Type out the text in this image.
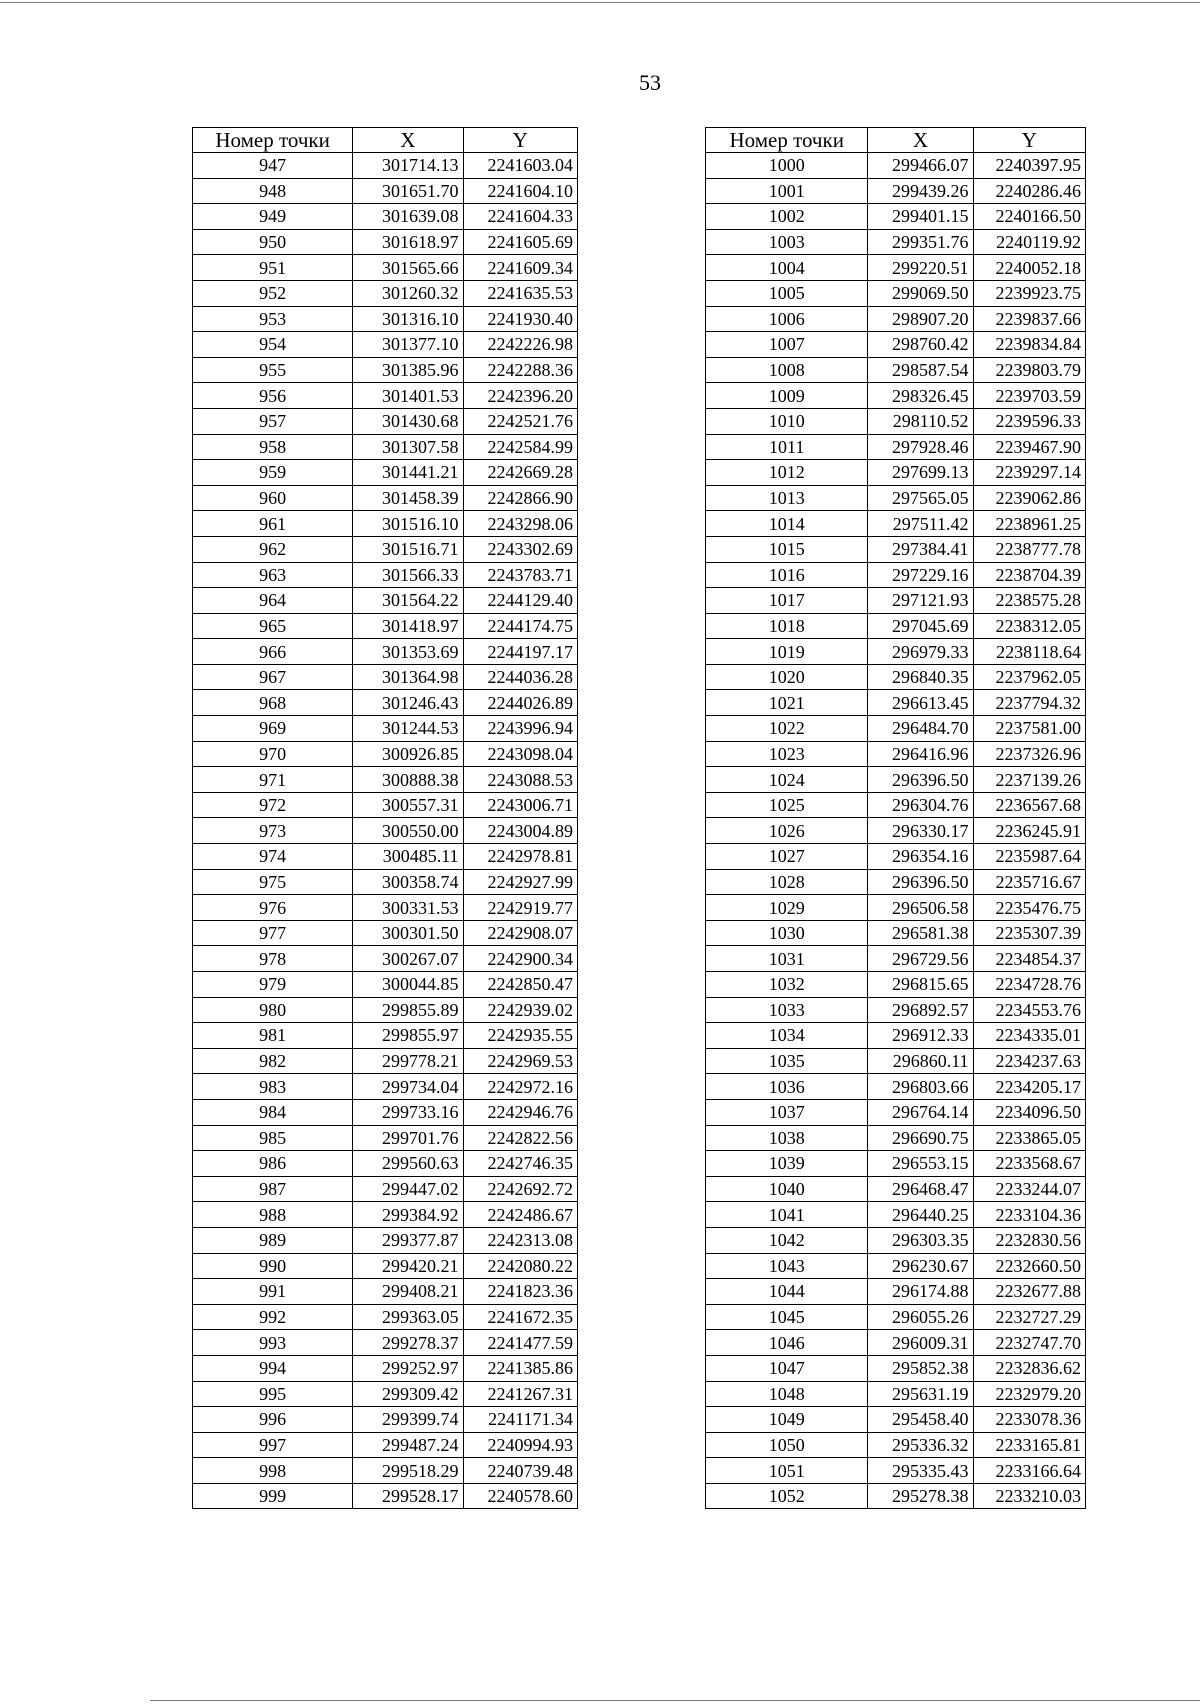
53
Номер точки	X	Y
947	301714.13	2241603.04
948	301651.70	2241604.10
949	301639.08	2241604.33
950	301618.97	2241605.69
951	301565.66	2241609.34
952	301260.32	2241635.53
953	301316.10	2241930.40
954	301377.10	2242226.98
955	301385.96	2242288.36
956	301401.53	2242396.20
957	301430.68	2242521.76
958	301307.58	2242584.99
959	301441.21	2242669.28
960	301458.39	2242866.90
961	301516.10	2243298.06
962	301516.71	2243302.69
963	301566.33	2243783.71
964	301564.22	2244129.40
965	301418.97	2244174.75
966	301353.69	2244197.17
967	301364.98	2244036.28
968	301246.43	2244026.89
969	301244.53	2243996.94
970	300926.85	2243098.04
971	300888.38	2243088.53
972	300557.31	2243006.71
973	300550.00	2243004.89
974	300485.11	2242978.81
975	300358.74	2242927.99
976	300331.53	2242919.77
977	300301.50	2242908.07
978	300267.07	2242900.34
979	300044.85	2242850.47
980	299855.89	2242939.02
981	299855.97	2242935.55
982	299778.21	2242969.53
983	299734.04	2242972.16
984	299733.16	2242946.76
985	299701.76	2242822.56
986	299560.63	2242746.35
987	299447.02	2242692.72
988	299384.92	2242486.67
989	299377.87	2242313.08
990	299420.21	2242080.22
991	299408.21	2241823.36
992	299363.05	2241672.35
993	299278.37	2241477.59
994	299252.97	2241385.86
995	299309.42	2241267.31
996	299399.74	2241171.34
997	299487.24	2240994.93
998	299518.29	2240739.48
999	299528.17	2240578.60
Номер точки	X	Y
1000	299466.07	2240397.95
1001	299439.26	2240286.46
1002	299401.15	2240166.50
1003	299351.76	2240119.92
1004	299220.51	2240052.18
1005	299069.50	2239923.75
1006	298907.20	2239837.66
1007	298760.42	2239834.84
1008	298587.54	2239803.79
1009	298326.45	2239703.59
1010	298110.52	2239596.33
1011	297928.46	2239467.90
1012	297699.13	2239297.14
1013	297565.05	2239062.86
1014	297511.42	2238961.25
1015	297384.41	2238777.78
1016	297229.16	2238704.39
1017	297121.93	2238575.28
1018	297045.69	2238312.05
1019	296979.33	2238118.64
1020	296840.35	2237962.05
1021	296613.45	2237794.32
1022	296484.70	2237581.00
1023	296416.96	2237326.96
1024	296396.50	2237139.26
1025	296304.76	2236567.68
1026	296330.17	2236245.91
1027	296354.16	2235987.64
1028	296396.50	2235716.67
1029	296506.58	2235476.75
1030	296581.38	2235307.39
1031	296729.56	2234854.37
1032	296815.65	2234728.76
1033	296892.57	2234553.76
1034	296912.33	2234335.01
1035	296860.11	2234237.63
1036	296803.66	2234205.17
1037	296764.14	2234096.50
1038	296690.75	2233865.05
1039	296553.15	2233568.67
1040	296468.47	2233244.07
1041	296440.25	2233104.36
1042	296303.35	2232830.56
1043	296230.67	2232660.50
1044	296174.88	2232677.88
1045	296055.26	2232727.29
1046	296009.31	2232747.70
1047	295852.38	2232836.62
1048	295631.19	2232979.20
1049	295458.40	2233078.36
1050	295336.32	2233165.81
1051	295335.43	2233166.64
1052	295278.38	2233210.03
